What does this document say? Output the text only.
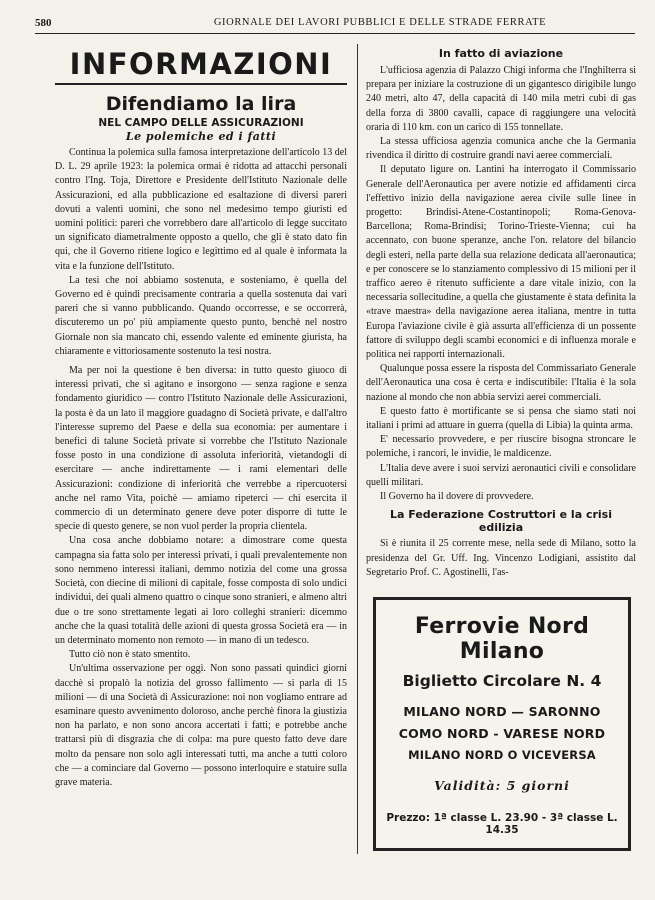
580	GIORNALE DEI LAVORI PUBBLICI E DELLE STRADE FERRATE
INFORMAZIONI
Difendiamo la lira
NEL CAMPO DELLE ASSICURAZIONI
Le polemiche ed i fatti

Continua la polemica sulla famosa interpretazione dell'articolo 13 del D. L. 29 aprile 1923: la polemica ormai è ridotta ad attacchi personali contro l'Ing. Toja, Direttore e Presidente dell'Istituto Nazionale delle Assicurazioni, ed alla pubblicazione ed esaltazione di diversi pareri dovuti a valenti uomini, che sono nel medesimo tempo giuristi ed uomini politici: pareri che vorrebbero dare all'articolo di legge succitato un significato diametralmente opposto a quello, che gli è stato dato fin qui, che il Governo ritiene logico e legittimo ed al quale è informata la vita e la funzione dell'Istituto.

La tesi che noi abbiamo sostenuta, e sosteniamo, è quella del Governo ed è quindi precisamente contraria a quella sostenuta dai vari pareri che si vanno pubblicando. Quando occorresse, e se occorrerà, discuteremo un po' più ampiamente questo punto, benchè nel nostro Giornale non sia mancato chi, essendo valente ed eminente giurista, ha chiaramente e vittoriosamente sostenuto la tesi nostra.

Ma per noi la questione è ben diversa: in tutto questo giuoco di interessi privati, che si agitano e insorgono — senza ragione e senza fondamento giuridico — contro l'Istituto Nazionale delle Assicurazioni, la posta è da un lato il maggiore guadagno di Società private, e dall'altro l'interesse supremo del Paese e della sua economia: per aumentare i benefici di talune Società private si vorrebbe che l'Istituto Nazionale fosse posto in una condizione di assoluta inferiorità, vietandogli di esercitare — anche indirettamente — i rami elementari delle Assicurazioni: condizione di inferiorità che verrebbe a ripercuotersi anche nel ramo Vita, poichè — amiamo ripeterci — chi esercita il commercio di un determinato genere deve poter disporre di tutte le specie di questo genere, se non vuol perder la propria clientela.

Una cosa anche dobbiamo notare: a dimostrare come questa campagna sia fatta solo per interessi privati, i quali prevalentemente non sono nemmeno interessi italiani, demmo notizia del come una grossa Società, con diecine di milioni di capitale, fosse composta di solo undici individui, dei quali almeno quattro o cinque sono stranieri, e almeno altri due o tre sono strettamente legati ai loro colleghi stranieri: dicemmo anche che la quasi totalità delle azioni di questa grossa Società era — in un determinato momento non remoto — in mano di un tedesco.

Tutto ciò non è stato smentito.

Un'ultima osservazione per oggi. Non sono passati quindici giorni dacchè si propalò la notizia del grosso fallimento — si parla di 15 milioni — di una Società di Assicurazione: noi non vogliamo entrare ad esaminare questo avvenimento doloroso, anche perchè finora la giustizia non ha parlato, e non sono ancora accertati i fatti; e potrebbe anche trattarsi più di disgrazia che di colpa: ma pure questo fatto deve dare molto da pensare non solo agli interessati tutti, ma anche a tutti coloro che — a cominciare dal Governo — possono interloquire e statuire sulla grave materia.

In fatto di aviazione

L'ufficiosa agenzia di Palazzo Chigi informa che l'Inghilterra si prepara per iniziare la costruzione di un gigantesco dirigibile lungo 240 metri, alto 47, della capacità di 140 mila metri cubi di gas della forza di 3800 cavalli, capace di raggiungere una velocità oraria di 110 km. con un carico di 155 tonnellate.

La stessa ufficiosa agenzia comunica anche che la Germania rivendica il diritto di costruire grandi navi aeree commerciali.

Il deputato ligure on. Lantini ha interrogato il Commissario Generale dell'Aeronautica per avere notizie ed affidamenti circa l'effettivo inizio della navigazione aerea civile sulle linee in progetto: Brindisi-Atene-Costantinopoli; Roma-Genova-Barcellona; Roma-Brindisi; Torino-Trieste-Vienna; cui ha accennato, con buone speranze, anche l'on. relatore del bilancio degli esteri, nella parte della sua relazione dedicata all'aeronautica; e per conoscere se lo stanziamento complessivo di 15 milioni per il traffico aereo è ritenuto sufficiente a dare vitale inizio, con la necessaria sollecitudine, a quella che giustamente è stata definita la «trave maestra» della navigazione aerea italiana, mentre in tutta Europa l'aviazione civile è già assurta all'efficienza di un possente fattore di sviluppo degli scambi economici e di influenza morale e politica nei rapporti internazionali.

Qualunque possa essere la risposta del Commissariato Generale dell'Aeronautica una cosa è certa e indiscutibile: l'Italia è la sola nazione al mondo che non abbia servizi aerei commerciali.

E questo fatto è mortificante se si pensa che siamo stati noi italiani i primi ad attuare in guerra (quella di Libia) la quinta arma.

E' necessario provvedere, e per riuscire bisogna stroncare le polemiche, i rancori, le invidie, le maldicenze.

L'Italia deve avere i suoi servizi aeronautici civili e consolidare quelli militari.

Il Governo ha il dovere di provvedere.

La Federazione Costruttori e la crisi edilizia

Si è riunita il 25 corrente mese, nella sede di Milano, sotto la presidenza del Gr. Uff. Ing. Vincenzo Lodigiani, assistito dal Segretario Prof. C. Agostinelli, l'as-

Ferrovie Nord Milano
Biglietto Circolare N. 4
MILANO NORD — SARONNO
COMO NORD - VARESE NORD
MILANO NORD O VICEVERSA
Validità: 5 giorni
Prezzo: 1ª classe L. 23.90 - 3ª classe L. 14.35
